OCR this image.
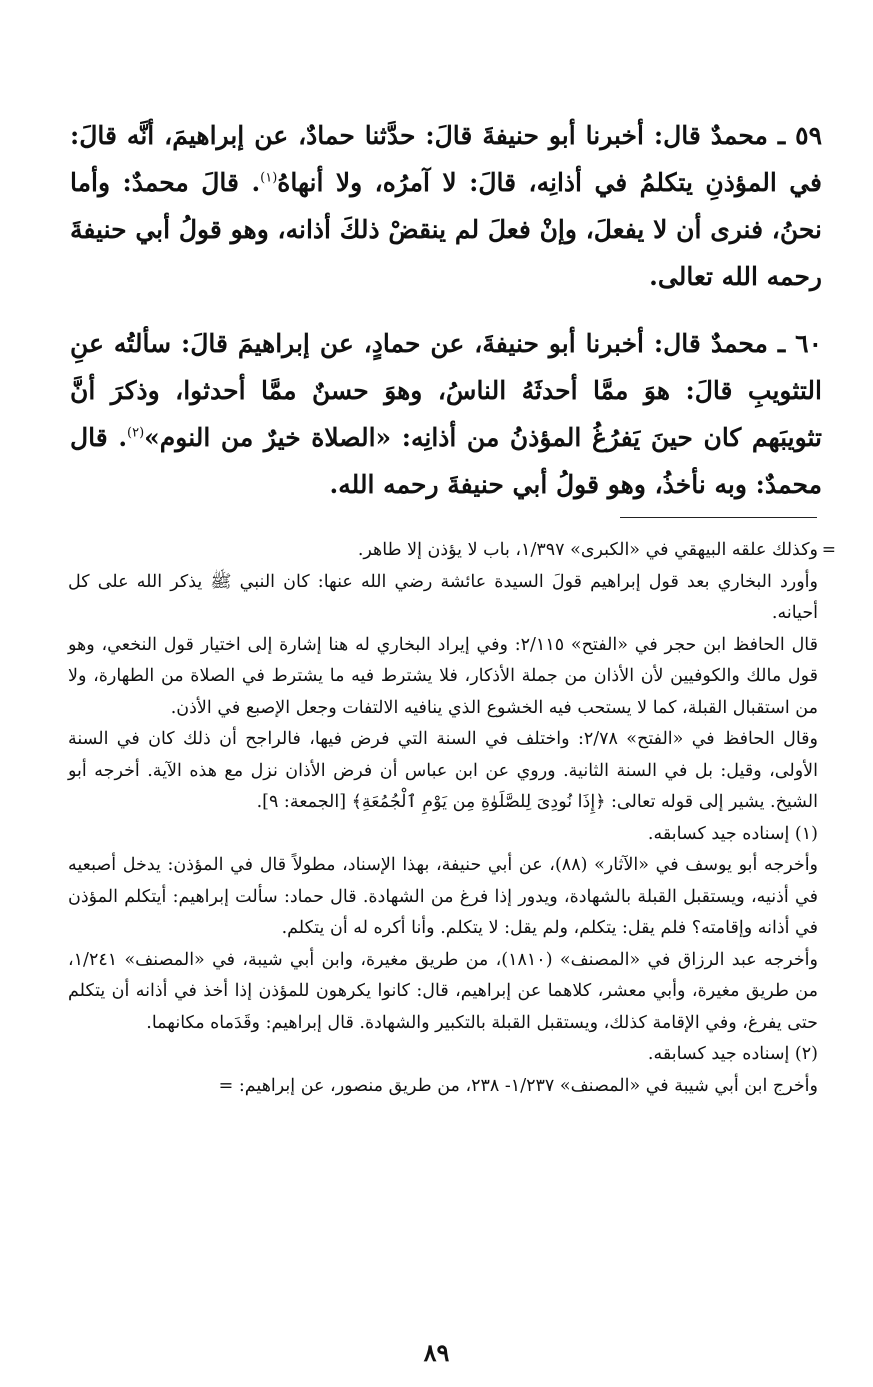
٥٩ ـ محمدٌ قال: أخبرنا أبو حنيفةَ قالَ: حدَّثنا حمادٌ، عن إبراهيمَ، أنَّه قالَ: في المؤذنِ يتكلمُ في أذانِه، قالَ: لا آمرُه، ولا أنهاهُ$^{(١)}$. قالَ محمدٌ: وأما نحنُ، فنرى أن لا يفعلَ، وإنْ فعلَ لم ينقضْ ذلكَ أذانه، وهو قولُ أبي حنيفةَ رحمه الله تعالى.

٦٠ ـ محمدٌ قال: أخبرنا أبو حنيفةَ، عن حمادٍ، عن إبراهيمَ قالَ: سألتُه عنِ التثويبِ قالَ: هوَ ممَّا أحدثَهُ الناسُ، وهوَ حسنٌ ممَّا أحدثوا، وذكرَ أنَّ تثويبَهم كان حينَ يَفرُغُ المؤذنُ من أذانِه: «الصلاة خيرٌ من النوم»$^{(٢)}$. قال محمدٌ: وبه نأخذُ، وهو قولُ أبي حنيفةَ رحمه الله.

=

وكذلك علقه البيهقي في «الكبرى» ١/٣٩٧، باب لا يؤذن إلا طاهر.

وأورد البخاري بعد قول إبراهيم قولَ السيدة عائشة رضي الله عنها: كان النبي ﷺ يذكر الله على كل أحيانه.

قال الحافظ ابن حجر في «الفتح» ٢/١١٥: وفي إيراد البخاري له هنا إشارة إلى اختيار قول النخعي، وهو قول مالك والكوفيين لأن الأذان من جملة الأذكار، فلا يشترط فيه ما يشترط في الصلاة من الطهارة، ولا من استقبال القبلة، كما لا يستحب فيه الخشوع الذي ينافيه الالتفات وجعل الإصبع في الأذن.

وقال الحافظ في «الفتح» ٢/٧٨: واختلف في السنة التي فرض فيها، فالراجح أن ذلك كان في السنة الأولى، وقيل: بل في السنة الثانية. وروي عن ابن عباس أن فرض الأذان نزل مع هذه الآية. أخرجه أبو الشيخ. يشير إلى قوله تعالى: ﴿إِذَا نُودِىَ لِلصَّلَوٰةِ مِن يَوْمِ ٱلْجُمُعَةِ﴾ [الجمعة: ٩].

(١) إسناده جيد كسابقه.

وأخرجه أبو يوسف في «الآثار» (٨٨)، عن أبي حنيفة، بهذا الإسناد، مطولاً قال في المؤذن: يدخل أصبعيه في أذنيه، ويستقبل القبلة بالشهادة، ويدور إذا فرغ من الشهادة. قال حماد: سألت إبراهيم: أيتكلم المؤذن في أذانه وإقامته؟ فلم يقل: يتكلم، ولم يقل: لا يتكلم. وأنا أكره له أن يتكلم.

وأخرجه عبد الرزاق في «المصنف» (١٨١٠)، من طريق مغيرة، وابن أبي شيبة، في «المصنف» ١/٢٤١، من طريق مغيرة، وأبي معشر، كلاهما عن إبراهيم، قال: كانوا يكرهون للمؤذن إذا أخذ في أذانه أن يتكلم حتى يفرغ، وفي الإقامة كذلك، ويستقبل القبلة بالتكبير والشهادة. قال إبراهيم: وقَدَماه مكانهما.

(٢) إسناده جيد كسابقه.

وأخرج ابن أبي شيبة في «المصنف» ١/٢٣٧- ٢٣٨، من طريق منصور، عن إبراهيم: =

٨٩
